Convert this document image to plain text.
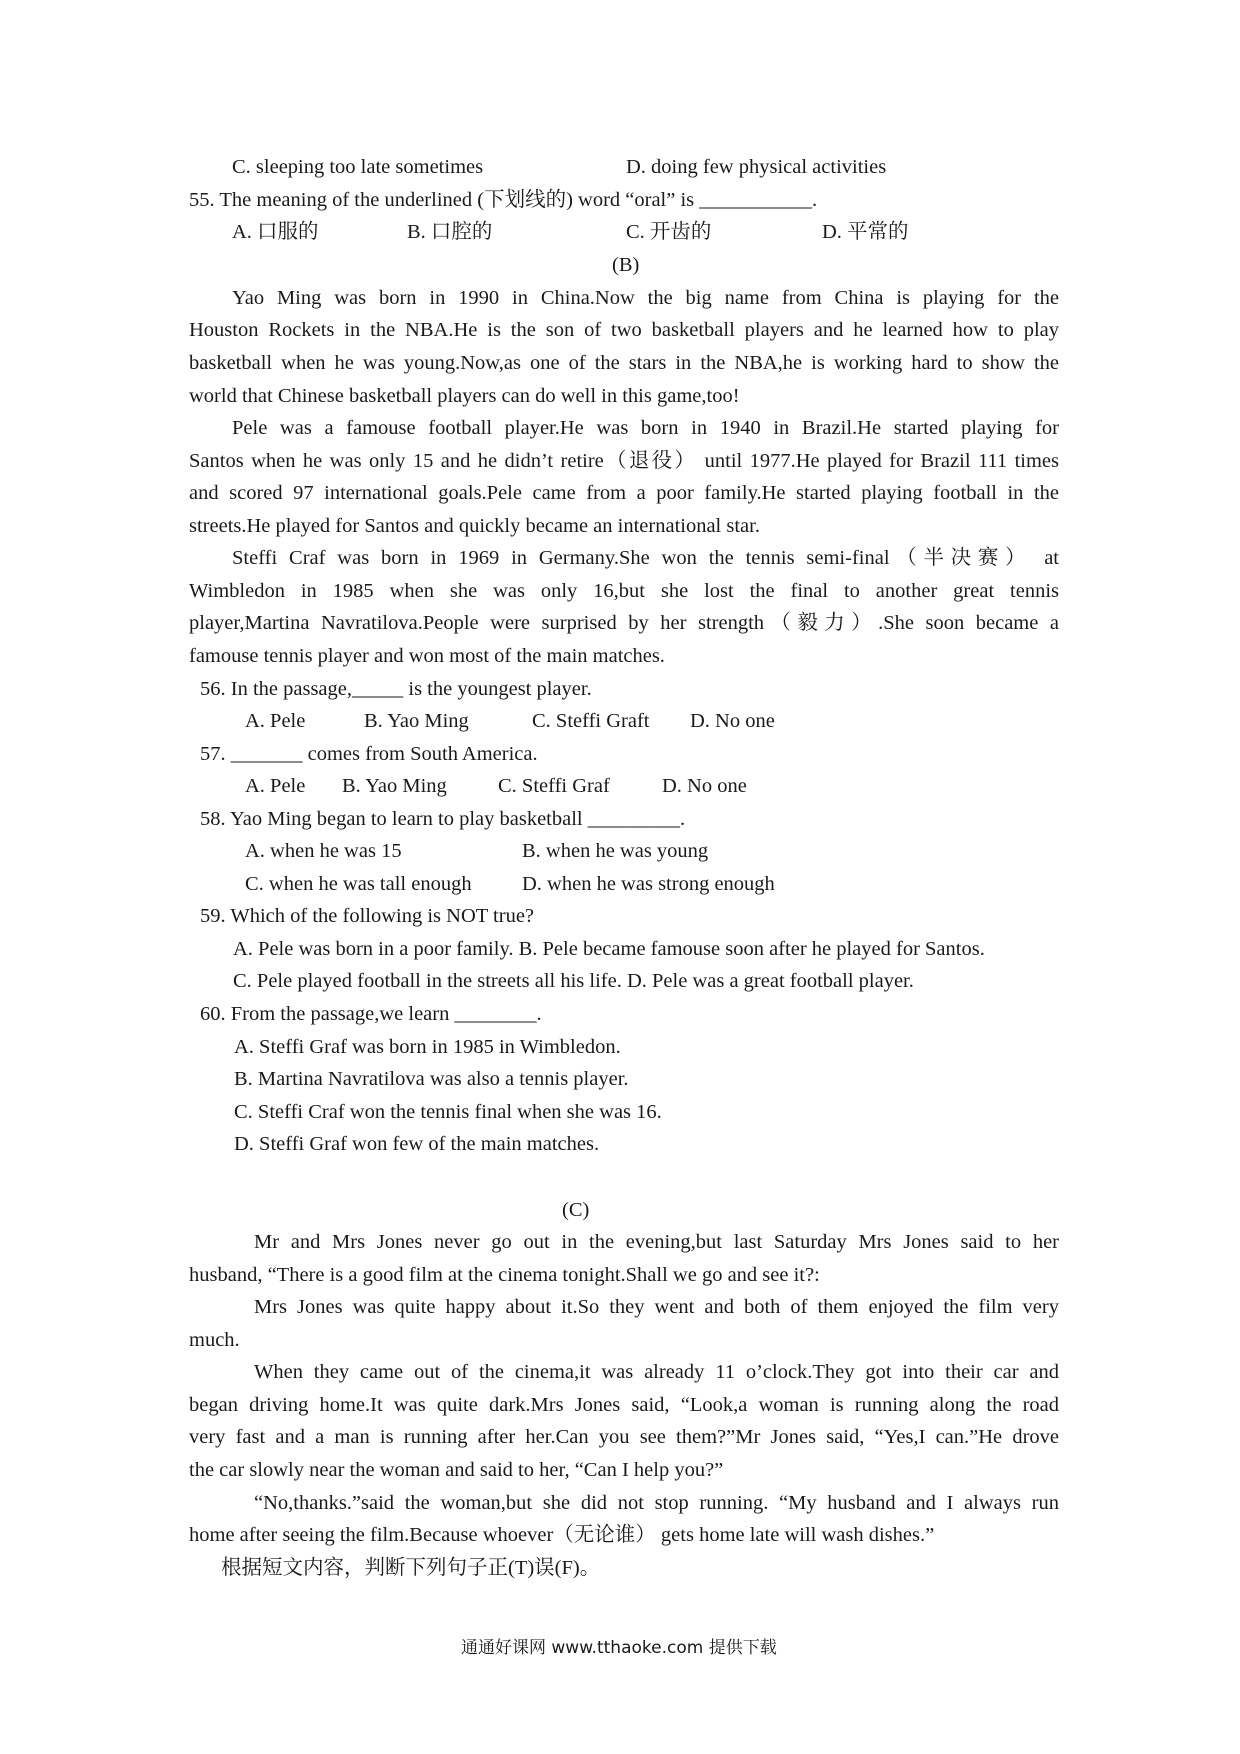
C. sleeping too late sometimes	D. doing few physical activities
55. The meaning of the underlined (下划线的) word “oral” is ___________.
A. 口服的	B. 口腔的	C. 开齿的	D. 平常的
(B)
Yao Ming was born in 1990 in China.Now the big name from China is playing for the
Houston Rockets in the NBA.He is the son of two basketball players and he learned how to play
basketball when he was young.Now,as one of the stars in the NBA,he is working hard to show the
world that Chinese basketball players can do well in this game,too!
Pele was a famouse football player.He was born in 1940 in Brazil.He started playing for
Santos when he was only 15 and he didn’t retire（退役） until 1977.He played for Brazil 111 times
and scored 97 international goals.Pele came from a poor family.He started playing football in the
streets.He played for Santos and quickly became an international star.
Steffi Craf was born in 1969 in Germany.She won the tennis semi-final（半决赛） at
Wimbledon in 1985 when she was only 16,but she lost the final to another great tennis
player,Martina Navratilova.People were surprised by her strength（毅力）.She soon became a
famouse tennis player and won most of the main matches.
56. In the passage,_____ is the youngest player.
A. Pele	B. Yao Ming	C. Steffi Graft D. No one
57. _______ comes from South America.
A. Pele B. Yao Ming C. Steffi Graf	D. No one
58. Yao Ming began to learn to play basketball _________.
A. when he was 15	B. when he was young
C. when he was tall enough D. when he was strong enough
59. Which of the following is NOT true?
A. Pele was born in a poor family. B. Pele became famouse soon after he played for Santos.
C. Pele played football in the streets all his life. D. Pele was a great football player.
60. From the passage,we learn ________.
A. Steffi Graf was born in 1985 in Wimbledon.
B. Martina Navratilova was also a tennis player.
C. Steffi Craf won the tennis final when she was 16.
D. Steffi Graf won few of the main matches.
(C)
Mr and Mrs Jones never go out in the evening,but last Saturday Mrs Jones said to her
husband, “There is a good film at the cinema tonight.Shall we go and see it?:
Mrs Jones was quite happy about it.So they went and both of them enjoyed the film very
much.
When they came out of the cinema,it was already 11 o’clock.They got into their car and
began driving home.It was quite dark.Mrs Jones said, “Look,a woman is running along the road
very fast and a man is running after her.Can you see them?”Mr Jones said, “Yes,I can.”He drove
the car slowly near the woman and said to her, “Can I help you?”
“No,thanks.”said the woman,but she did not stop running. “My husband and I always run
home after seeing the film.Because whoever（无论谁） gets home late will wash dishes.”
根据短文内容，判断下列句子正(T)误(F)。
通通好课网 www.tthaoke.com 提供下载
